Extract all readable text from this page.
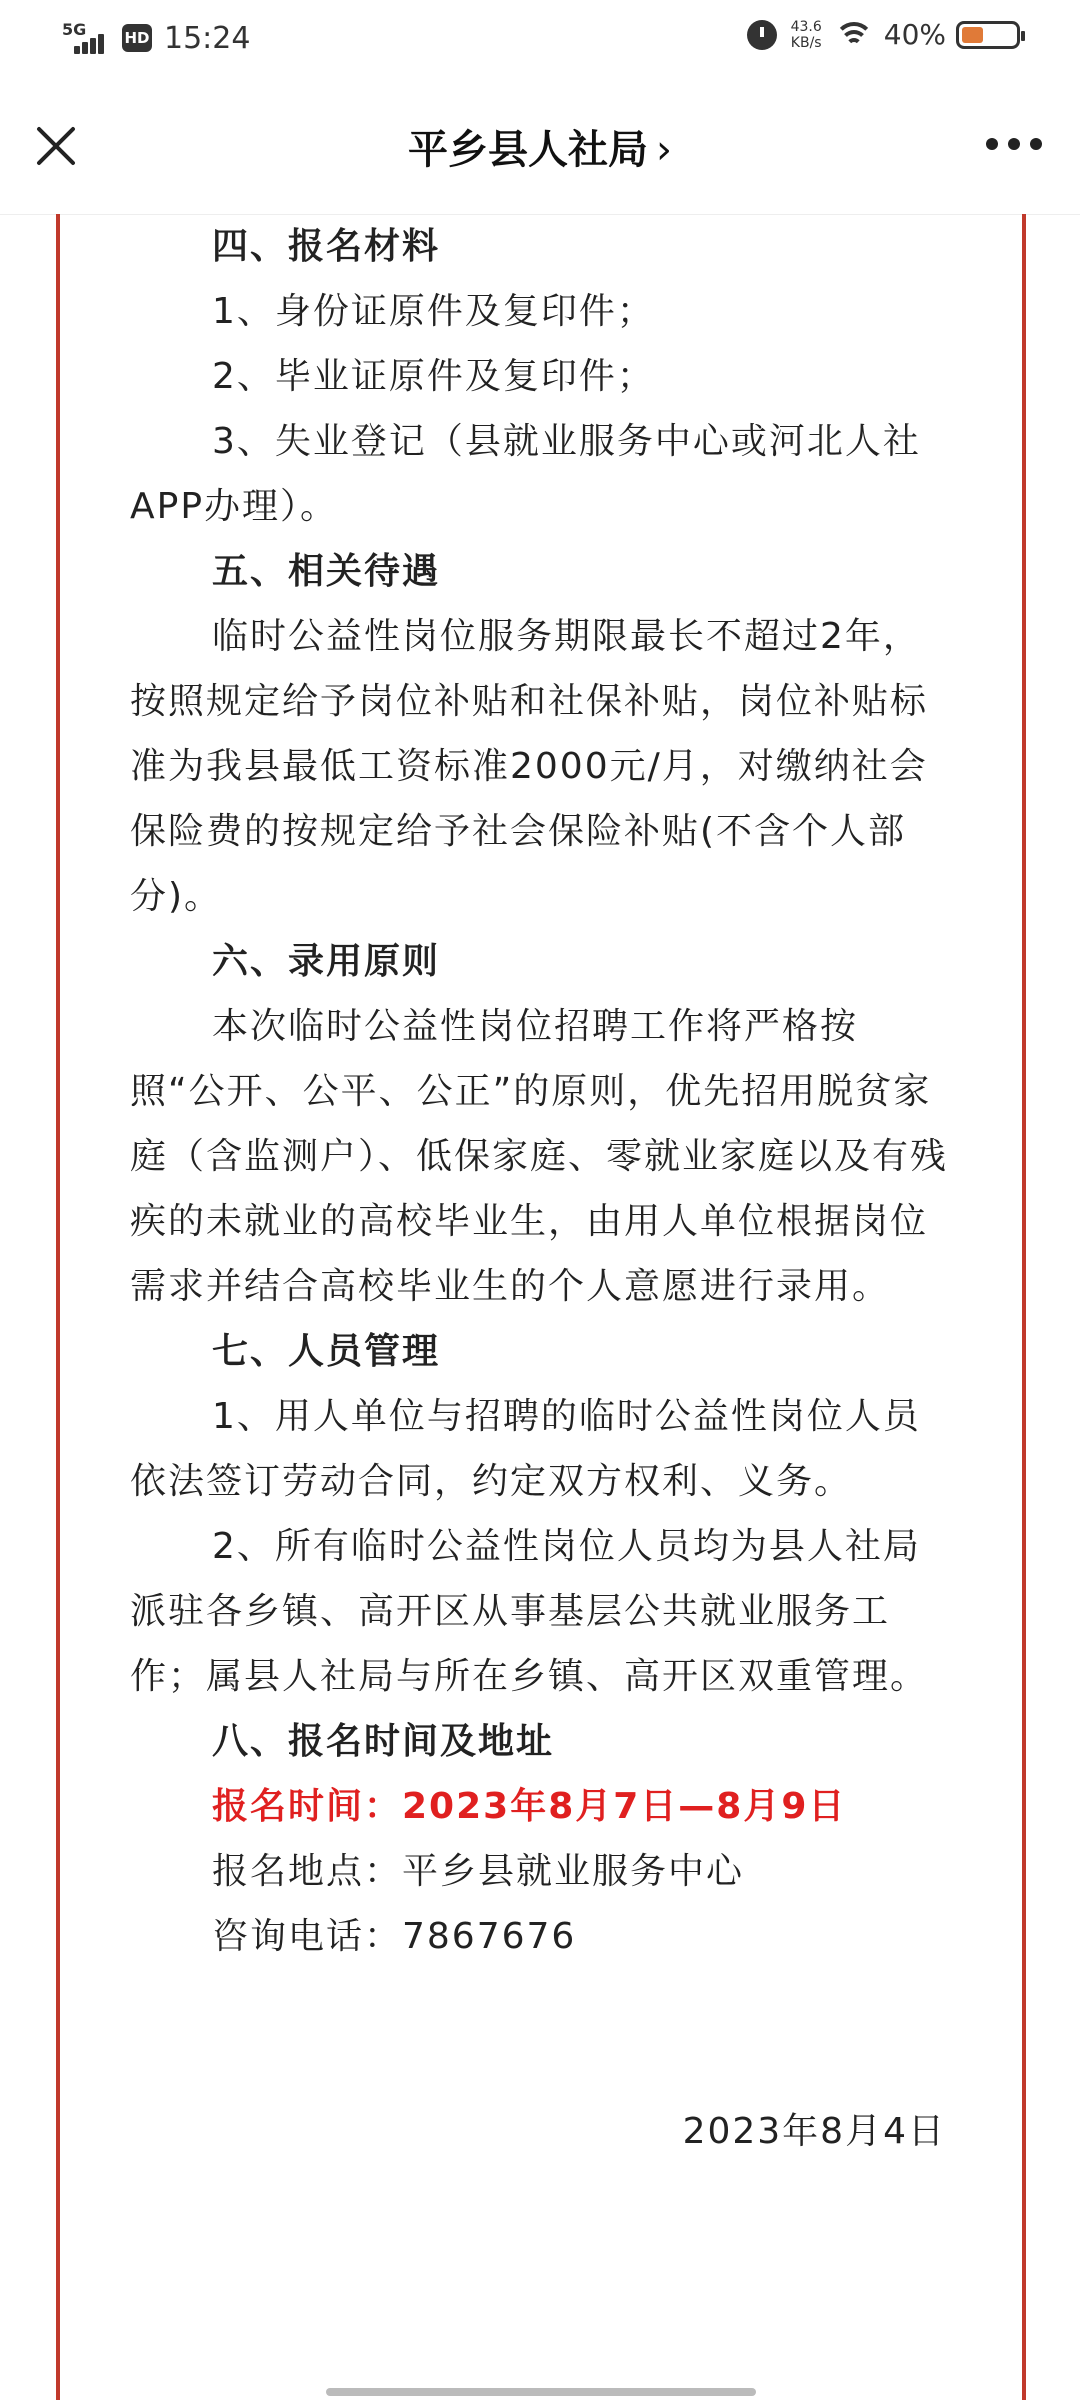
5G	HD 15:24	43.6
KB/s 40%
平乡县人社局 ›

四、报名材料

1、身份证原件及复印件；

2、毕业证原件及复印件；

3、失业登记（县就业服务中心或河北人社APP办理）。

五、相关待遇

临时公益性岗位服务期限最长不超过2年，按照规定给予岗位补贴和社保补贴，岗位补贴标准为我县最低工资标准2000元/月，对缴纳社会保险费的按规定给予社会保险补贴(不含个人部分)。

六、录用原则

本次临时公益性岗位招聘工作将严格按照“公开、公平、公正”的原则，优先招用脱贫家庭（含监测户）、低保家庭、零就业家庭以及有残疾的未就业的高校毕业生，由用人单位根据岗位需求并结合高校毕业生的个人意愿进行录用。

七、人员管理

1、用人单位与招聘的临时公益性岗位人员依法签订劳动合同，约定双方权利、义务。

2、所有临时公益性岗位人员均为县人社局派驻各乡镇、高开区从事基层公共就业服务工作；属县人社局与所在乡镇、高开区双重管理。

八、报名时间及地址

报名时间：2023年8月7日—8月9日

报名地点：平乡县就业服务中心

咨询电话：7867676

2023年8月4日
